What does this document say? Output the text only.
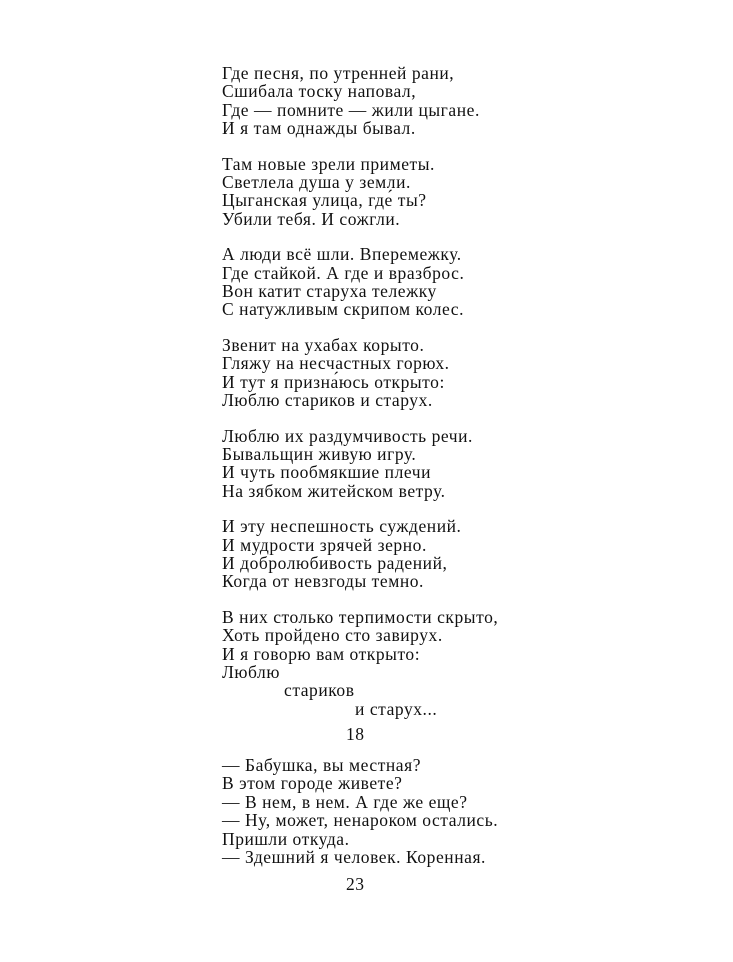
Где песня, по утренней рани,
Сшибала тоску наповал,
Где — помните — жили цыгане.
И я там однажды бывал.
Там новые зрели приметы.
Светлела душа у земли.
Цыганская улица, где́ ты?
Убили тебя. И сожгли.
А люди всё шли. Вперемежку.
Где стайкой. А где и вразброс.
Вон катит старуха тележку
С натужливым скрипом колес.
Звенит на ухабах корыто.
Гляжу на несчастных горюх.
И тут я призна́юсь открыто:
Люблю стариков и старух.
Люблю их раздумчивость речи.
Бывальщин живую игру.
И чуть пообмякшие плечи
На зябком житейском ветру.
И эту неспешность суждений.
И мудрости зрячей зерно.
И добролюбивость радений,
Когда от невзгоды темно.
В них столько терпимости скрыто,
Хоть пройдено сто завирух.
И я говорю вам открыто:
Люблю
стариков
и старух...
18
— Бабушка, вы местная?
В этом городе живете?
— В нем, в нем. А где же еще?
— Ну, может, ненароком остались.
Пришли откуда.
— Здешний я человек. Коренная.
23
